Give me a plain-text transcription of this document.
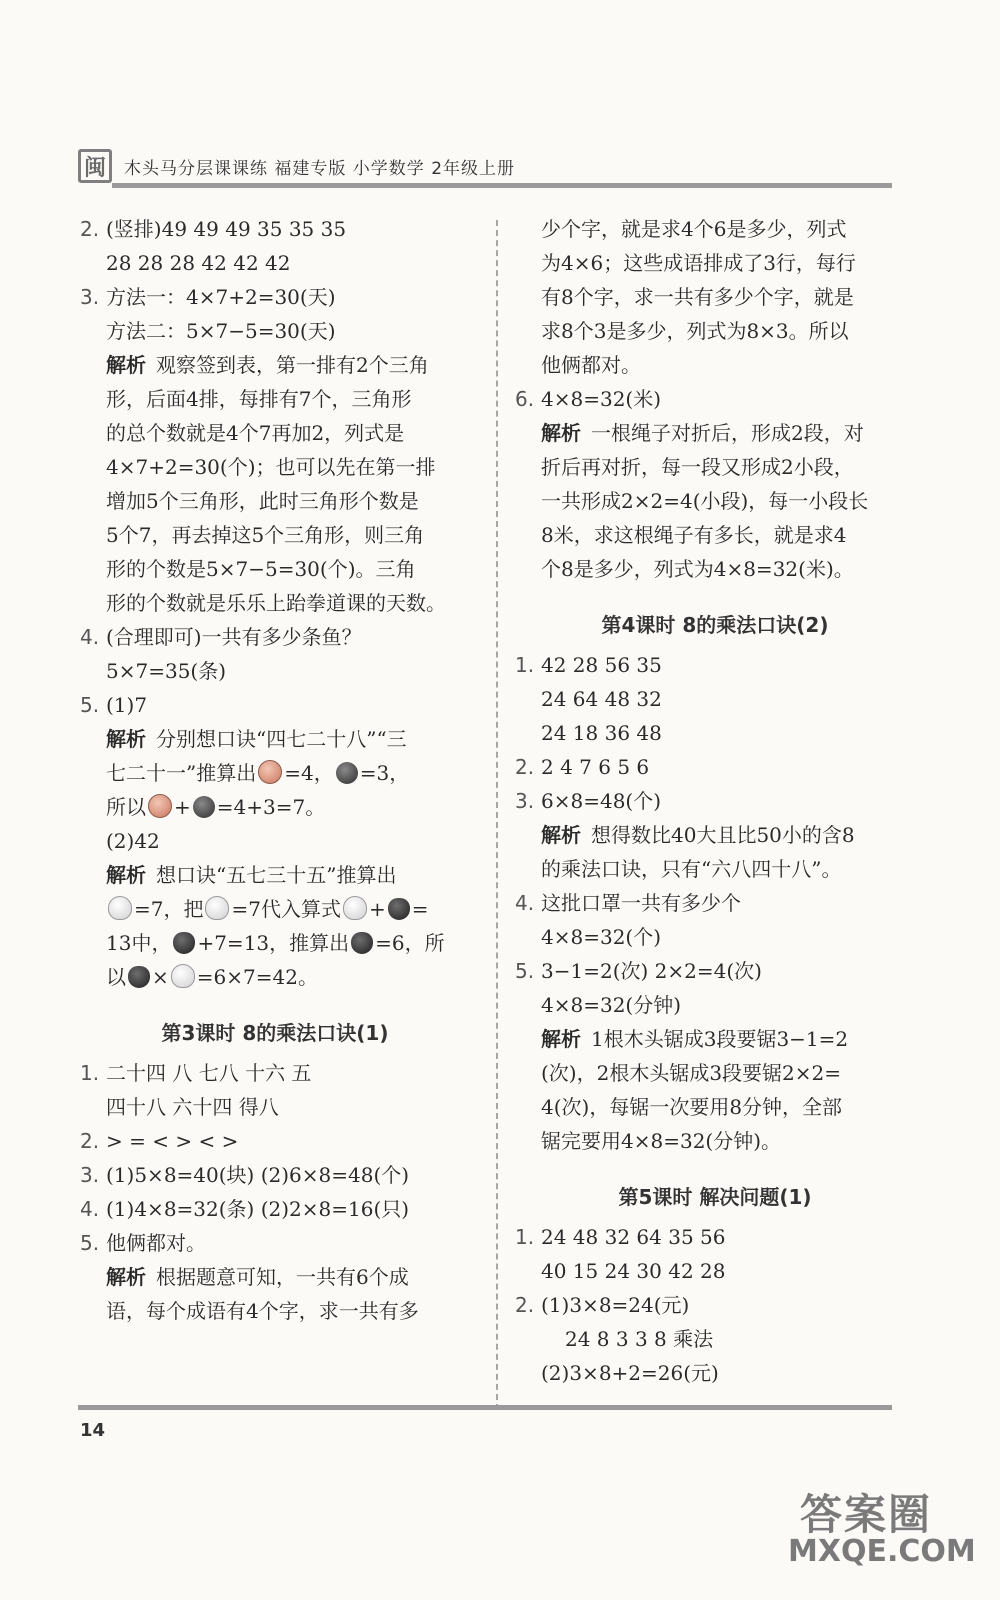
闽	木头马分层课课练 福建专版 小学数学 2年级上册
2. (竖排)49 49 49 35 35 35
28 28 28 42 42 42
3. 方法一：4×7+2=30(天)
方法二：5×7−5=30(天)
解析 观察签到表，第一排有2个三角
形，后面4排，每排有7个，三角形
的总个数就是4个7再加2，列式是
4×7+2=30(个)；也可以先在第一排
增加5个三角形，此时三角形个数是
5个7，再去掉这5个三角形，则三角
形的个数是5×7−5=30(个)。三角
形的个数就是乐乐上跆拳道课的天数。
4. (合理即可)一共有多少条鱼？
5×7=35(条)
5. (1)7
解析 分别想口诀“四七二十八”“三
七二十一”推算出 =4， =3，
所以 + =4+3=7。
(2)42
解析 想口诀“五七三十五”推算出
=7，把 =7代入算式 + =
13中， +7=13，推算出 =6，所
以 × =6×7=42。
第3课时 8的乘法口诀(1)
1. 二十四 八 七八 十六 五
四十八 六十四 得八
2. > = < > < >
3. (1)5×8=40(块) (2)6×8=48(个)
4. (1)4×8=32(条) (2)2×8=16(只)
5. 他俩都对。
解析 根据题意可知，一共有6个成
语，每个成语有4个字，求一共有多
少个字，就是求4个6是多少，列式
为4×6；这些成语排成了3行，每行
有8个字，求一共有多少个字，就是
求8个3是多少，列式为8×3。所以
他俩都对。
6. 4×8=32(米)
解析 一根绳子对折后，形成2段，对
折后再对折，每一段又形成2小段，
一共形成2×2=4(小段)，每一小段长
8米，求这根绳子有多长，就是求4
个8是多少，列式为4×8=32(米)。
第4课时 8的乘法口诀(2)
1. 42 28 56 35
24 64 48 32
24 18 36 48
2. 2 4 7 6 5 6
3. 6×8=48(个)
解析 想得数比40大且比50小的含8
的乘法口诀，只有“六八四十八”。
4. 这批口罩一共有多少个
4×8=32(个)
5. 3−1=2(次) 2×2=4(次)
4×8=32(分钟)
解析 1根木头锯成3段要锯3−1=2
(次)，2根木头锯成3段要锯2×2=
4(次)，每锯一次要用8分钟，全部
锯完要用4×8=32(分钟)。
第5课时 解决问题(1)
1. 24 48 32 64 35 56
40 15 24 30 42 28
2. (1)3×8=24(元)
24 8 3 3 8 乘法
(2)3×8+2=26(元)
14
答案圈
MXQE.COM
